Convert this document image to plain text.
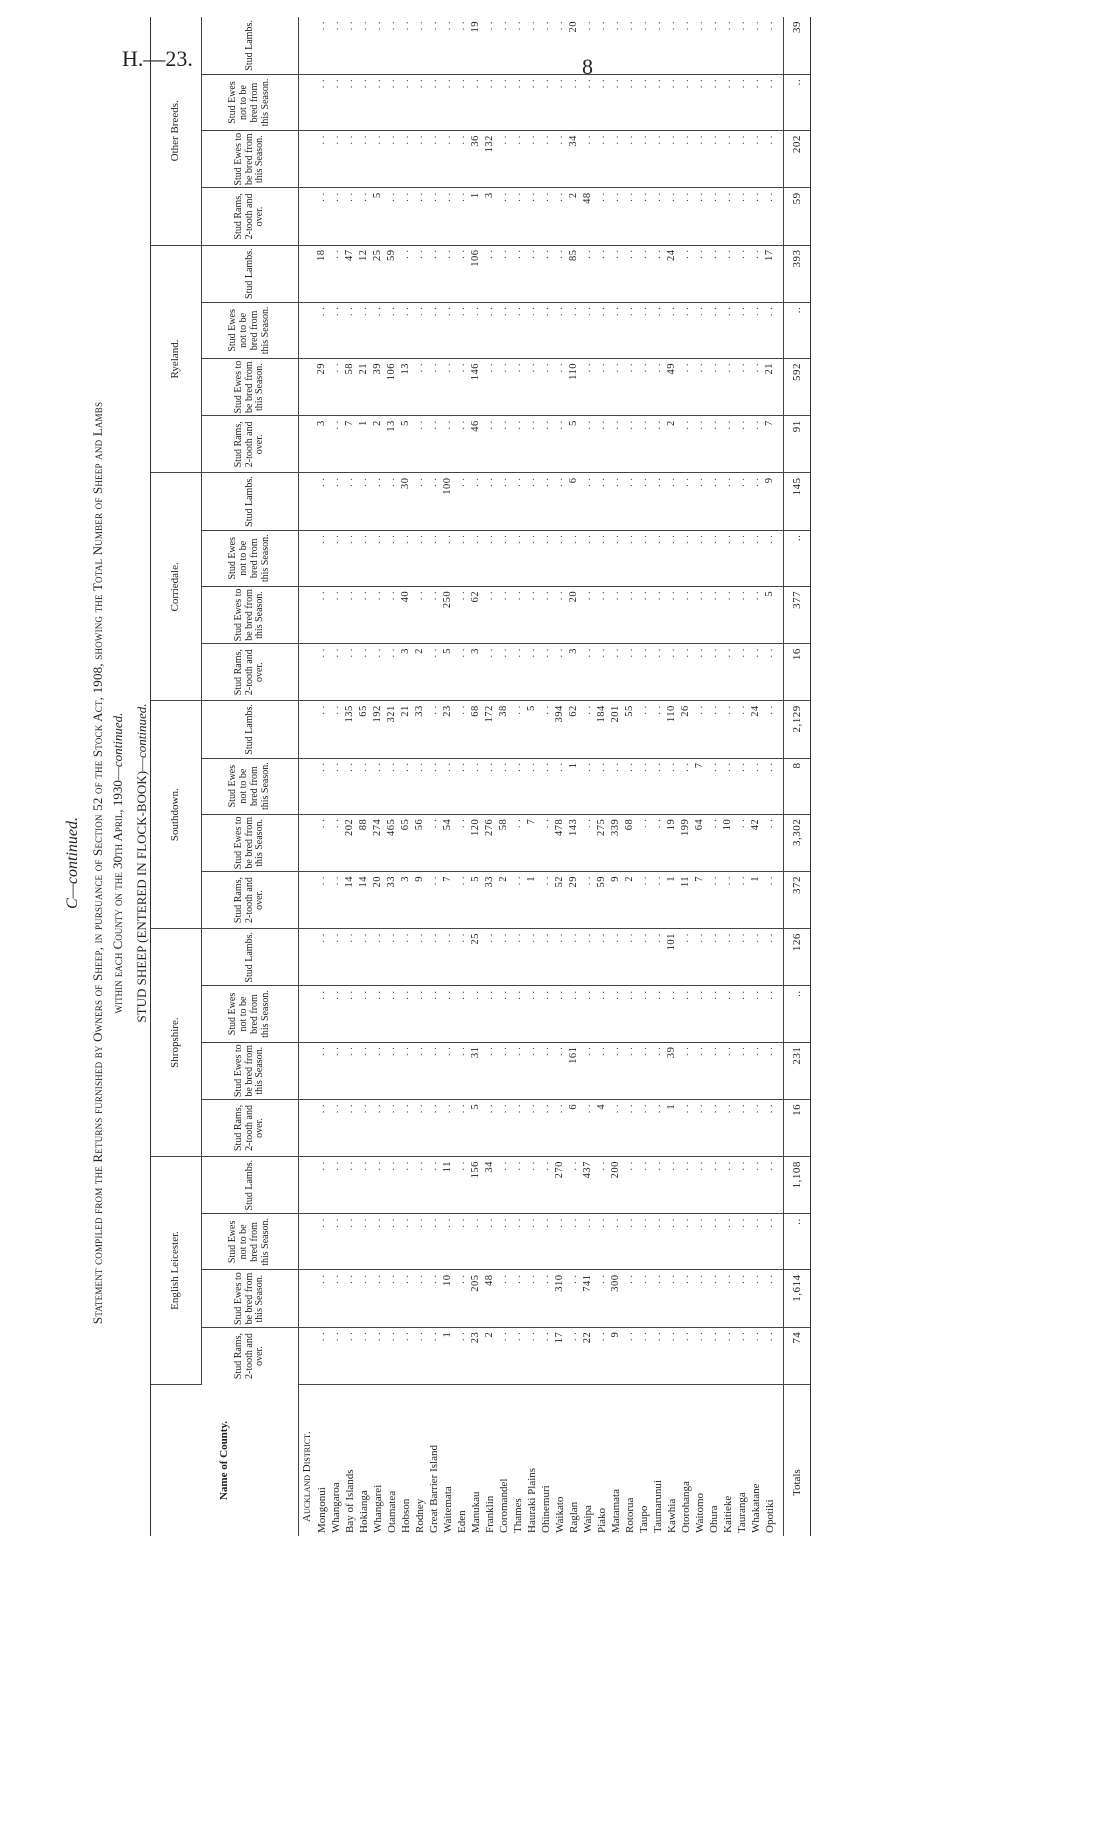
H.—23.	8
C—continued. Statement compiled from the Returns furnished by Owners of Sheep, in pursuance of Section 52 of the Stock Act, 1908, showing the Total Number of Sheep and Lambs within each County on the 30th April, 1930—continued.
STUD SHEEP (ENTERED IN FLOCK-BOOK)—continued.
Name of County.	English Leicester.				Shropshire.				Southdown.				Corriedale.				Ryeland.				Other Breeds.			
	Stud Rams, 2-tooth and over.	Stud Ewes to be bred from this Season.	Stud Ewes not to be bred from this Season.	Stud Lambs.	Stud Rams, 2-tooth and over.	Stud Ewes to be bred from this Season.	Stud Ewes not to be bred from this Season.	Stud Lambs.	Stud Rams, 2-tooth and over.	Stud Ewes to be bred from this Season.	Stud Ewes not to be bred from this Season.	Stud Lambs.	Stud Rams, 2-tooth and over.	Stud Ewes to be bred from this Season.	Stud Ewes not to be bred from this Season.	Stud Lambs.	Stud Rams, 2-tooth and over.	Stud Ewes to be bred from this Season.	Stud Ewes not to be bred from this Season.	Stud Lambs.	Stud Rams, 2-tooth and over.	Stud Ewes to be bred from this Season.	Stud Ewes not to be bred from this Season.	Stud Lambs.
Auckland District.																								
Mongonui	. .	. .	. .	. .	. .	. .	. .	. .	. .	. .	. .	. .	. .	. .	. .	. .	3	29	. .	18	. .	. .	. .	. .
Whangaroa	. .	. .	. .	. .	. .	. .	. .	. .	. .	. .	. .	. .	. .	. .	. .	. .	. .	. .	. .	. .	. .	. .	. .	. .
Bay of Islands	. .	. .	. .	. .	. .	. .	. .	. .	14	202	. .	135	. .	. .	. .	. .	7	58	. .	47	. .	. .	. .	. .
Hokianga	. .	. .	. .	. .	. .	. .	. .	. .	14	88	. .	65	. .	. .	. .	. .	1	21	. .	12	. .	. .	. .	. .
Whangarei	. .	. .	. .	. .	. .	. .	. .	. .	20	274	. .	192	. .	. .	. .	. .	2	39	. .	25	5	. .	. .	. .
Otamatea	. .	. .	. .	. .	. .	. .	. .	. .	33	465	. .	321	. .	. .	. .	. .	13	106	. .	59	. .	. .	. .	. .
Hobson	. .	. .	. .	. .	. .	. .	. .	. .	3	65	. .	21	3	40	. .	30	5	13	. .	. .	. .	. .	. .	. .
Rodney	. .	. .	. .	. .	. .	. .	. .	. .	9	56	. .	33	2	. .	. .	. .	. .	. .	. .	. .	. .	. .	. .	. .
Great Barrier Island	. .	. .	. .	. .	. .	. .	. .	. .	. .	. .	. .	. .	. .	. .	. .	. .	. .	. .	. .	. .	. .	. .	. .	. .
Waitemata	1	10	. .	11	. .	. .	. .	. .	7	54	. .	23	5	250	. .	100	. .	. .	. .	. .	. .	. .	. .	. .
Eden	. .	. .	. .	. .	. .	. .	. .	. .	. .	. .	. .	. .	. .	. .	. .	. .	. .	. .	. .	. .	. .	. .	. .	. .
Manukau	23	205	. .	156	5	31	. .	25	5	120	. .	68	3	62	. .	. .	46	146	. .	106	1	36	. .	19
Franklin	2	48	. .	34	. .	. .	. .	. .	33	276	. .	172	. .	. .	. .	. .	. .	. .	. .	. .	3	132	. .	. .
Coromandel	. .	. .	. .	. .	. .	. .	. .	. .	2	58	. .	38	. .	. .	. .	. .	. .	. .	. .	. .	. .	. .	. .	. .
Thames	. .	. .	. .	. .	. .	. .	. .	. .	. .	. .	. .	. .	. .	. .	. .	. .	. .	. .	. .	. .	. .	. .	. .	. .
Hauraki Plains	. .	. .	. .	. .	. .	. .	. .	. .	1	7	. .	5	. .	. .	. .	. .	. .	. .	. .	. .	. .	. .	. .	. .
Ohinemuri	. .	. .	. .	. .	. .	. .	. .	. .	. .	. .	. .	. .	. .	. .	. .	. .	. .	. .	. .	. .	. .	. .	. .	. .
Waikato	17	310	. .	270	. .	. .	. .	. .	52	478	. .	394	. .	. .	. .	. .	. .	. .	. .	. .	. .	. .	. .	. .
Raglan	. .	. .	. .	. .	6	161	. .	. .	29	143	1	62	3	20	. .	6	5	110	. .	85	2	34	. .	20
Waipa	22	741	. .	437	. .	. .	. .	. .	. .	. .	. .	. .	. .	. .	. .	. .	. .	. .	. .	. .	48	. .	. .	. .
Piako	. .	. .	. .	. .	4	. .	. .	. .	59	275	. .	184	. .	. .	. .	. .	. .	. .	. .	. .	. .	. .	. .	. .
Matamata	9	300	. .	200	. .	. .	. .	. .	9	339	. .	201	. .	. .	. .	. .	. .	. .	. .	. .	. .	. .	. .	. .
Rotorua	. .	. .	. .	. .	. .	. .	. .	. .	2	68	. .	55	. .	. .	. .	. .	. .	. .	. .	. .	. .	. .	. .	. .
Taupo	. .	. .	. .	. .	. .	. .	. .	. .	. .	. .	. .	. .	. .	. .	. .	. .	. .	. .	. .	. .	. .	. .	. .	. .
Taumarunui	. .	. .	. .	. .	. .	. .	. .	. .	. .	. .	. .	. .	. .	. .	. .	. .	. .	. .	. .	. .	. .	. .	. .	. .
Kawhia	. .	. .	. .	. .	1	39	. .	101	1	19	. .	110	. .	. .	. .	. .	2	49	. .	24	. .	. .	. .	. .
Otorohanga	. .	. .	. .	. .	. .	. .	. .	. .	11	199	. .	26	. .	. .	. .	. .	. .	. .	. .	. .	. .	. .	. .	. .
Waitomo	. .	. .	. .	. .	. .	. .	. .	. .	7	64	7	. .	. .	. .	. .	. .	. .	. .	. .	. .	. .	. .	. .	. .
Ohura	. .	. .	. .	. .	. .	. .	. .	. .	. .	. .	. .	. .	. .	. .	. .	. .	. .	. .	. .	. .	. .	. .	. .	. .
Kaitieke	. .	. .	. .	. .	. .	. .	. .	. .	. .	10	. .	. .	. .	. .	. .	. .	. .	. .	. .	. .	. .	. .	. .	. .
Tauranga	. .	. .	. .	. .	. .	. .	. .	. .	. .	. .	. .	. .	. .	. .	. .	. .	. .	. .	. .	. .	. .	. .	. .	. .
Whakatane	. .	. .	. .	. .	. .	. .	. .	. .	1	42	. .	24	. .	. .	. .	. .	. .	. .	. .	. .	. .	. .	. .	. .
Opotiki	. .	. .	. .	. .	. .	. .	. .	. .	. .	. .	. .	. .	. .	5	. .	9	7	21	. .	17	. .	. .	. .	. .
Totals	74	1,614	..	1,108	16	231	..	126	372	3,302	8	2,129	16	377	..	145	91	592	..	393	59	202	..	39
